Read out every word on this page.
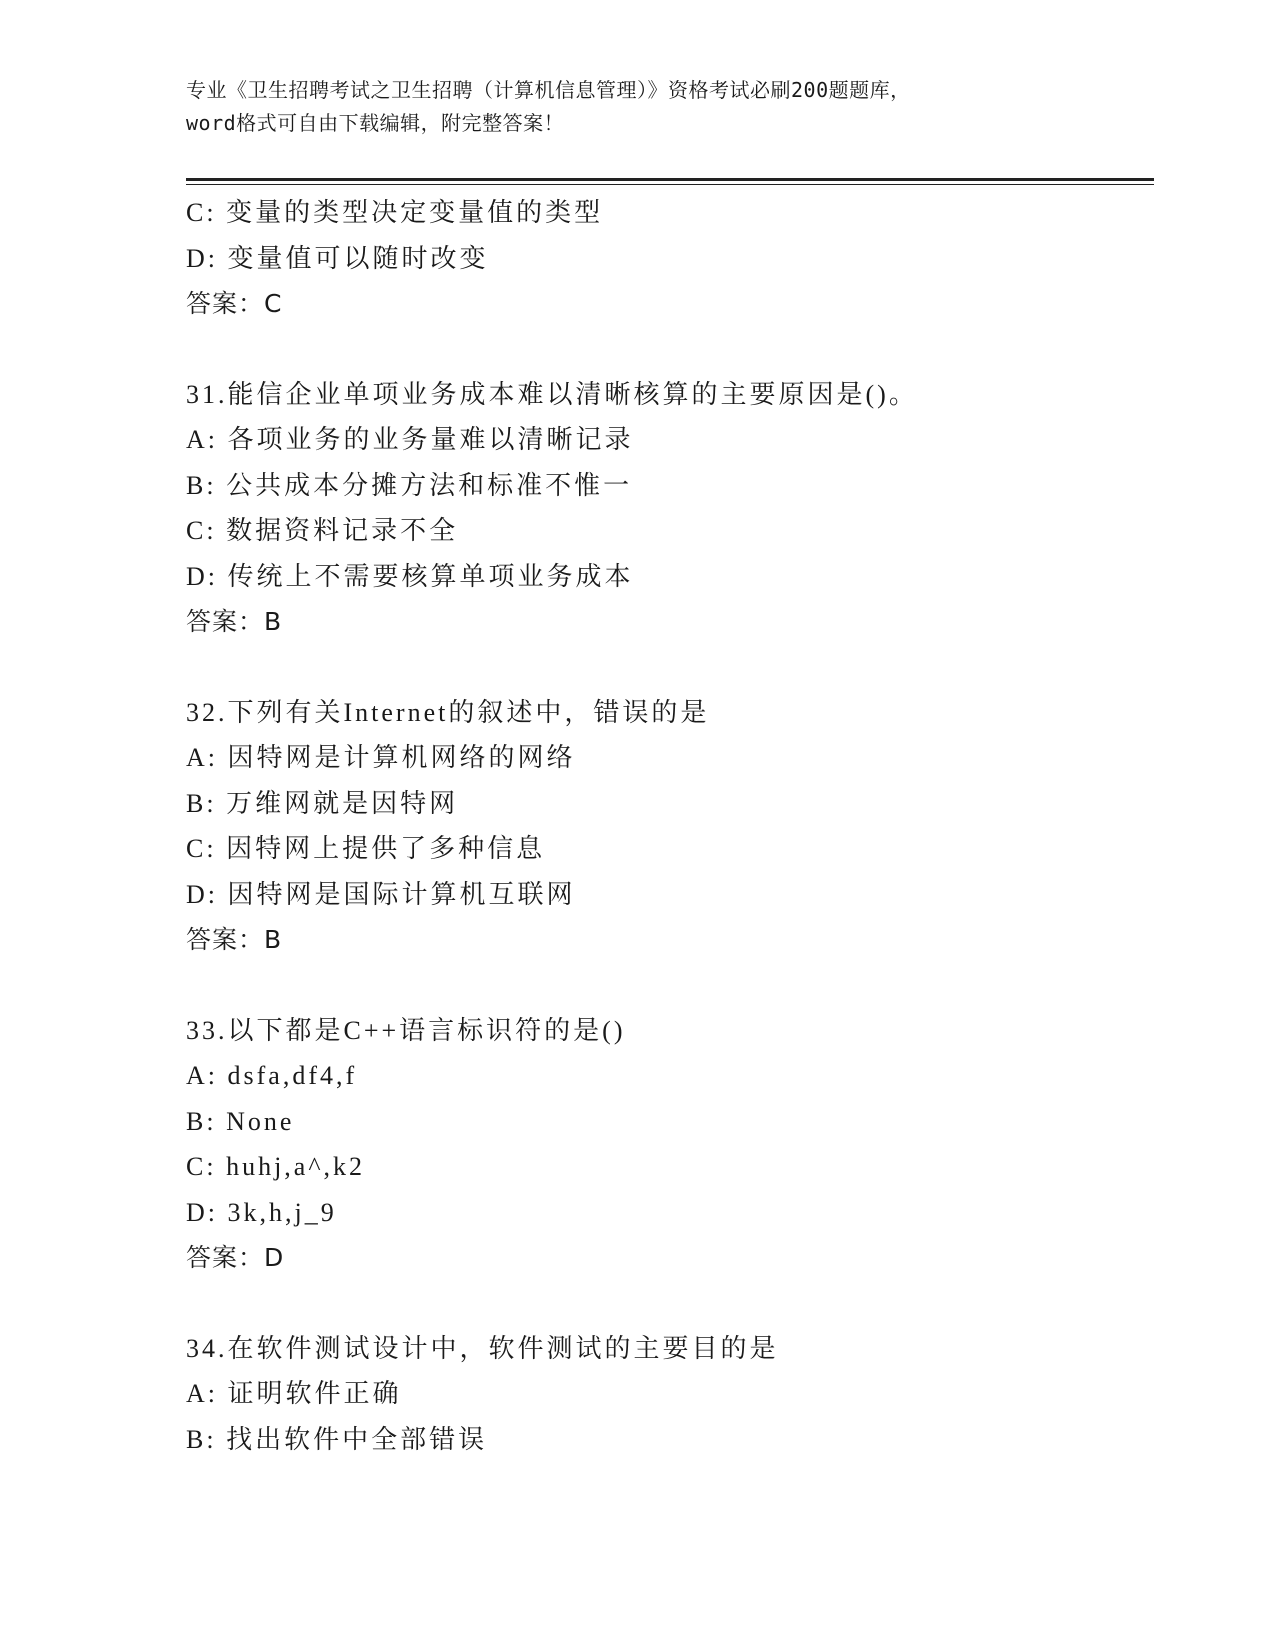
专业《卫生招聘考试之卫生招聘（计算机信息管理）》资格考试必刷200题题库，
word格式可自由下载编辑，附完整答案！
C: 变量的类型决定变量值的类型
D: 变量值可以随时改变
答案：C
31.能信企业单项业务成本难以清晰核算的主要原因是()。
A: 各项业务的业务量难以清晰记录
B: 公共成本分摊方法和标准不惟一
C: 数据资料记录不全
D: 传统上不需要核算单项业务成本
答案：B
32.下列有关Internet的叙述中，错误的是
A: 因特网是计算机网络的网络
B: 万维网就是因特网
C: 因特网上提供了多种信息
D: 因特网是国际计算机互联网
答案：B
33.以下都是C++语言标识符的是()
A: dsfa,df4,f
B: None
C: huhj,a^,k2
D: 3k,h,j_9
答案：D
34.在软件测试设计中，软件测试的主要目的是
A: 证明软件正确
B: 找出软件中全部错误
